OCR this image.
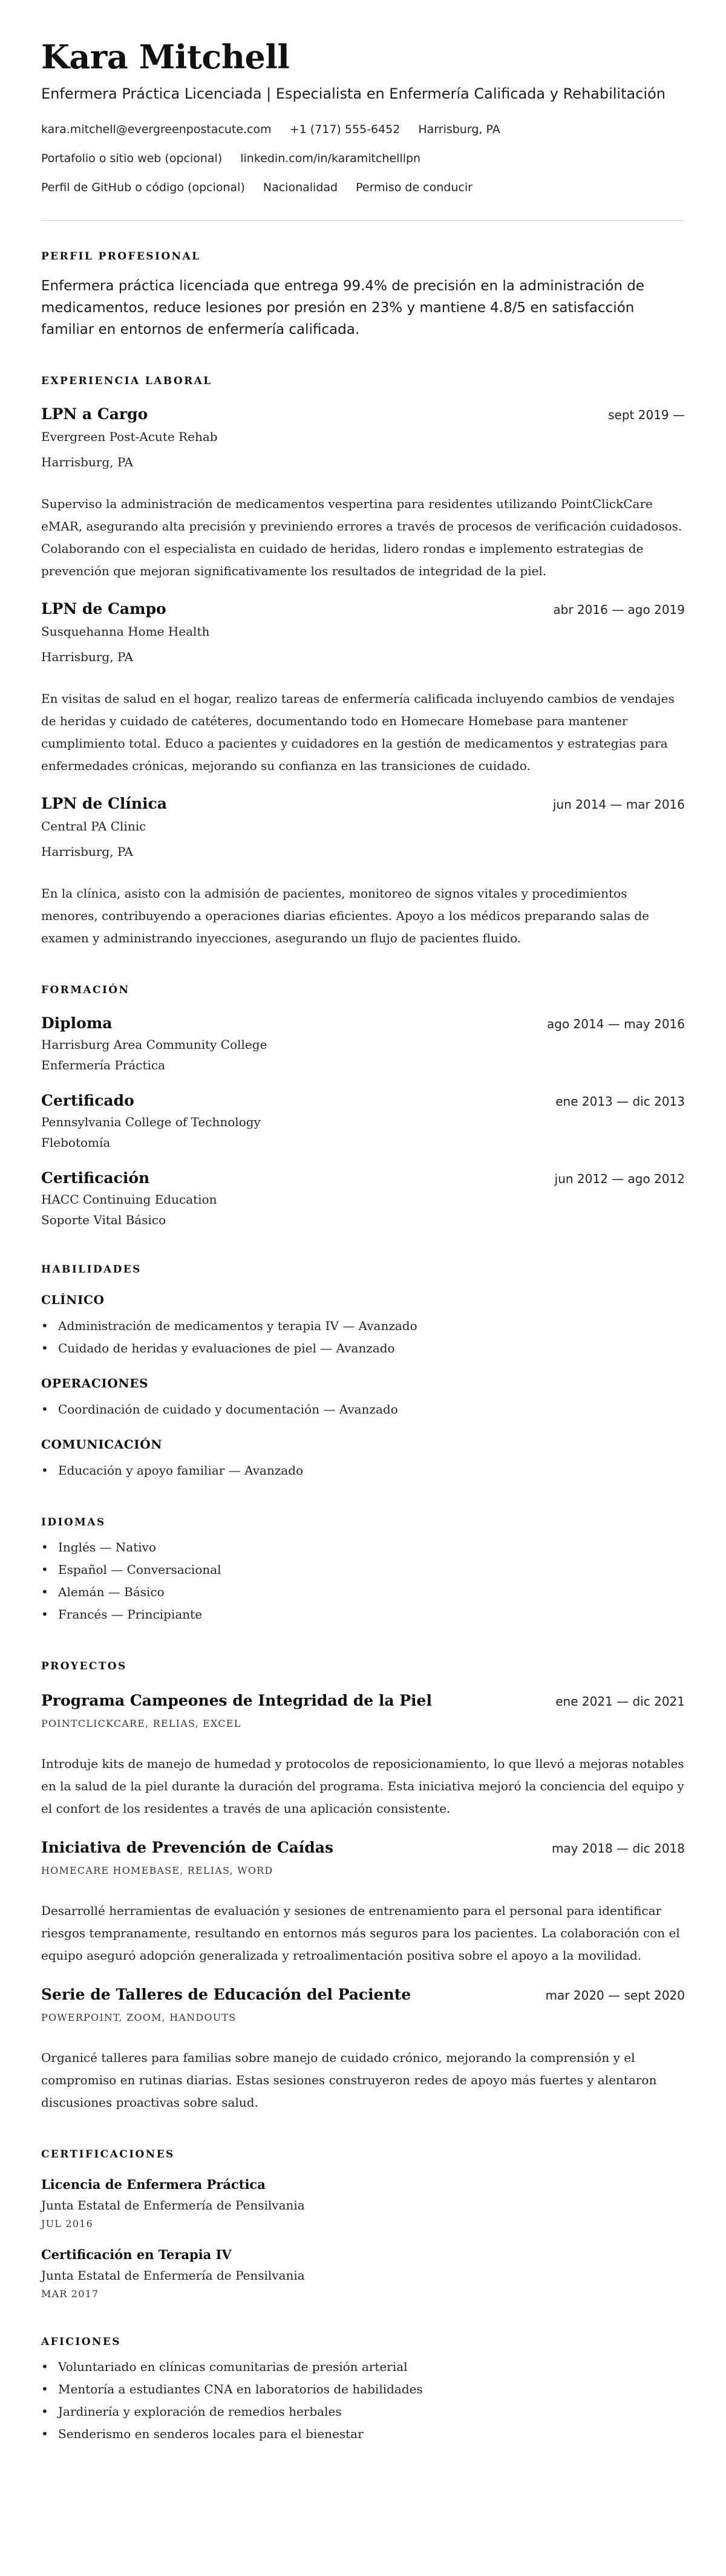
Kara Mitchell
Enfermera Práctica Licenciada | Especialista en Enfermería Calificada y Rehabilitación
kara.mitchell@evergreenpostacute.com +1 (717) 555-6452 Harrisburg, PA
Portafolio o sitio web (opcional) linkedin.com/in/karamitchelllpn
Perfil de GitHub o código (opcional) Nacionalidad Permiso de conducir
PERFIL PROFESIONAL

Enfermera práctica licenciada que entrega 99.4% de precisión en la administración de medicamentos, reduce lesiones por presión en 23% y mantiene 4.8/5 en satisfacción familiar en entornos de enfermería calificada.

EXPERIENCIA LABORAL
LPN a Cargo	sept 2019 —
Evergreen Post-Acute Rehab
Harrisburg, PA

Superviso la administración de medicamentos vespertina para residentes utilizando PointClickCare eMAR, asegurando alta precisión y previniendo errores a través de procesos de verificación cuidadosos. Colaborando con el especialista en cuidado de heridas, lidero rondas e implemento estrategias de prevención que mejoran significativamente los resultados de integridad de la piel.

LPN de Campo	abr 2016 — ago 2019
Susquehanna Home Health
Harrisburg, PA

En visitas de salud en el hogar, realizo tareas de enfermería calificada incluyendo cambios de vendajes de heridas y cuidado de catéteres, documentando todo en Homecare Homebase para mantener cumplimiento total. Educo a pacientes y cuidadores en la gestión de medicamentos y estrategias para enfermedades crónicas, mejorando su confianza en las transiciones de cuidado.

LPN de Clínica	jun 2014 — mar 2016
Central PA Clinic
Harrisburg, PA

En la clínica, asisto con la admisión de pacientes, monitoreo de signos vitales y procedimientos menores, contribuyendo a operaciones diarias eficientes. Apoyo a los médicos preparando salas de examen y administrando inyecciones, asegurando un flujo de pacientes fluido.

FORMACIÓN
Diploma	ago 2014 — may 2016
Harrisburg Area Community College
Enfermería Práctica
Certificado	ene 2013 — dic 2013
Pennsylvania College of Technology
Flebotomía
Certificación	jun 2012 — ago 2012
HACC Continuing Education
Soporte Vital Básico
HABILIDADES
CLÍNICO
• Administración de medicamentos y terapia IV — Avanzado
• Cuidado de heridas y evaluaciones de piel — Avanzado
OPERACIONES
• Coordinación de cuidado y documentación — Avanzado
COMUNICACIÓN
• Educación y apoyo familiar — Avanzado
IDIOMAS
• Inglés — Nativo
• Español — Conversacional
• Alemán — Básico
• Francés — Principiante
PROYECTOS
Programa Campeones de Integridad de la Piel	ene 2021 — dic 2021
POINTCLICKCARE, RELIAS, EXCEL

Introduje kits de manejo de humedad y protocolos de reposicionamiento, lo que llevó a mejoras notables en la salud de la piel durante la duración del programa. Esta iniciativa mejoró la conciencia del equipo y el confort de los residentes a través de una aplicación consistente.

Iniciativa de Prevención de Caídas	may 2018 — dic 2018
HOMECARE HOMEBASE, RELIAS, WORD

Desarrollé herramientas de evaluación y sesiones de entrenamiento para el personal para identificar riesgos tempranamente, resultando en entornos más seguros para los pacientes. La colaboración con el equipo aseguró adopción generalizada y retroalimentación positiva sobre el apoyo a la movilidad.

Serie de Talleres de Educación del Paciente	mar 2020 — sept 2020
POWERPOINT, ZOOM, HANDOUTS

Organicé talleres para familias sobre manejo de cuidado crónico, mejorando la comprensión y el compromiso en rutinas diarias. Estas sesiones construyeron redes de apoyo más fuertes y alentaron discusiones proactivas sobre salud.

CERTIFICACIONES
Licencia de Enfermera Práctica
Junta Estatal de Enfermería de Pensilvania
JUL 2016
Certificación en Terapia IV
Junta Estatal de Enfermería de Pensilvania
MAR 2017
AFICIONES
• Voluntariado en clínicas comunitarias de presión arterial
• Mentoría a estudiantes CNA en laboratorios de habilidades
• Jardinería y exploración de remedios herbales
• Senderismo en senderos locales para el bienestar
